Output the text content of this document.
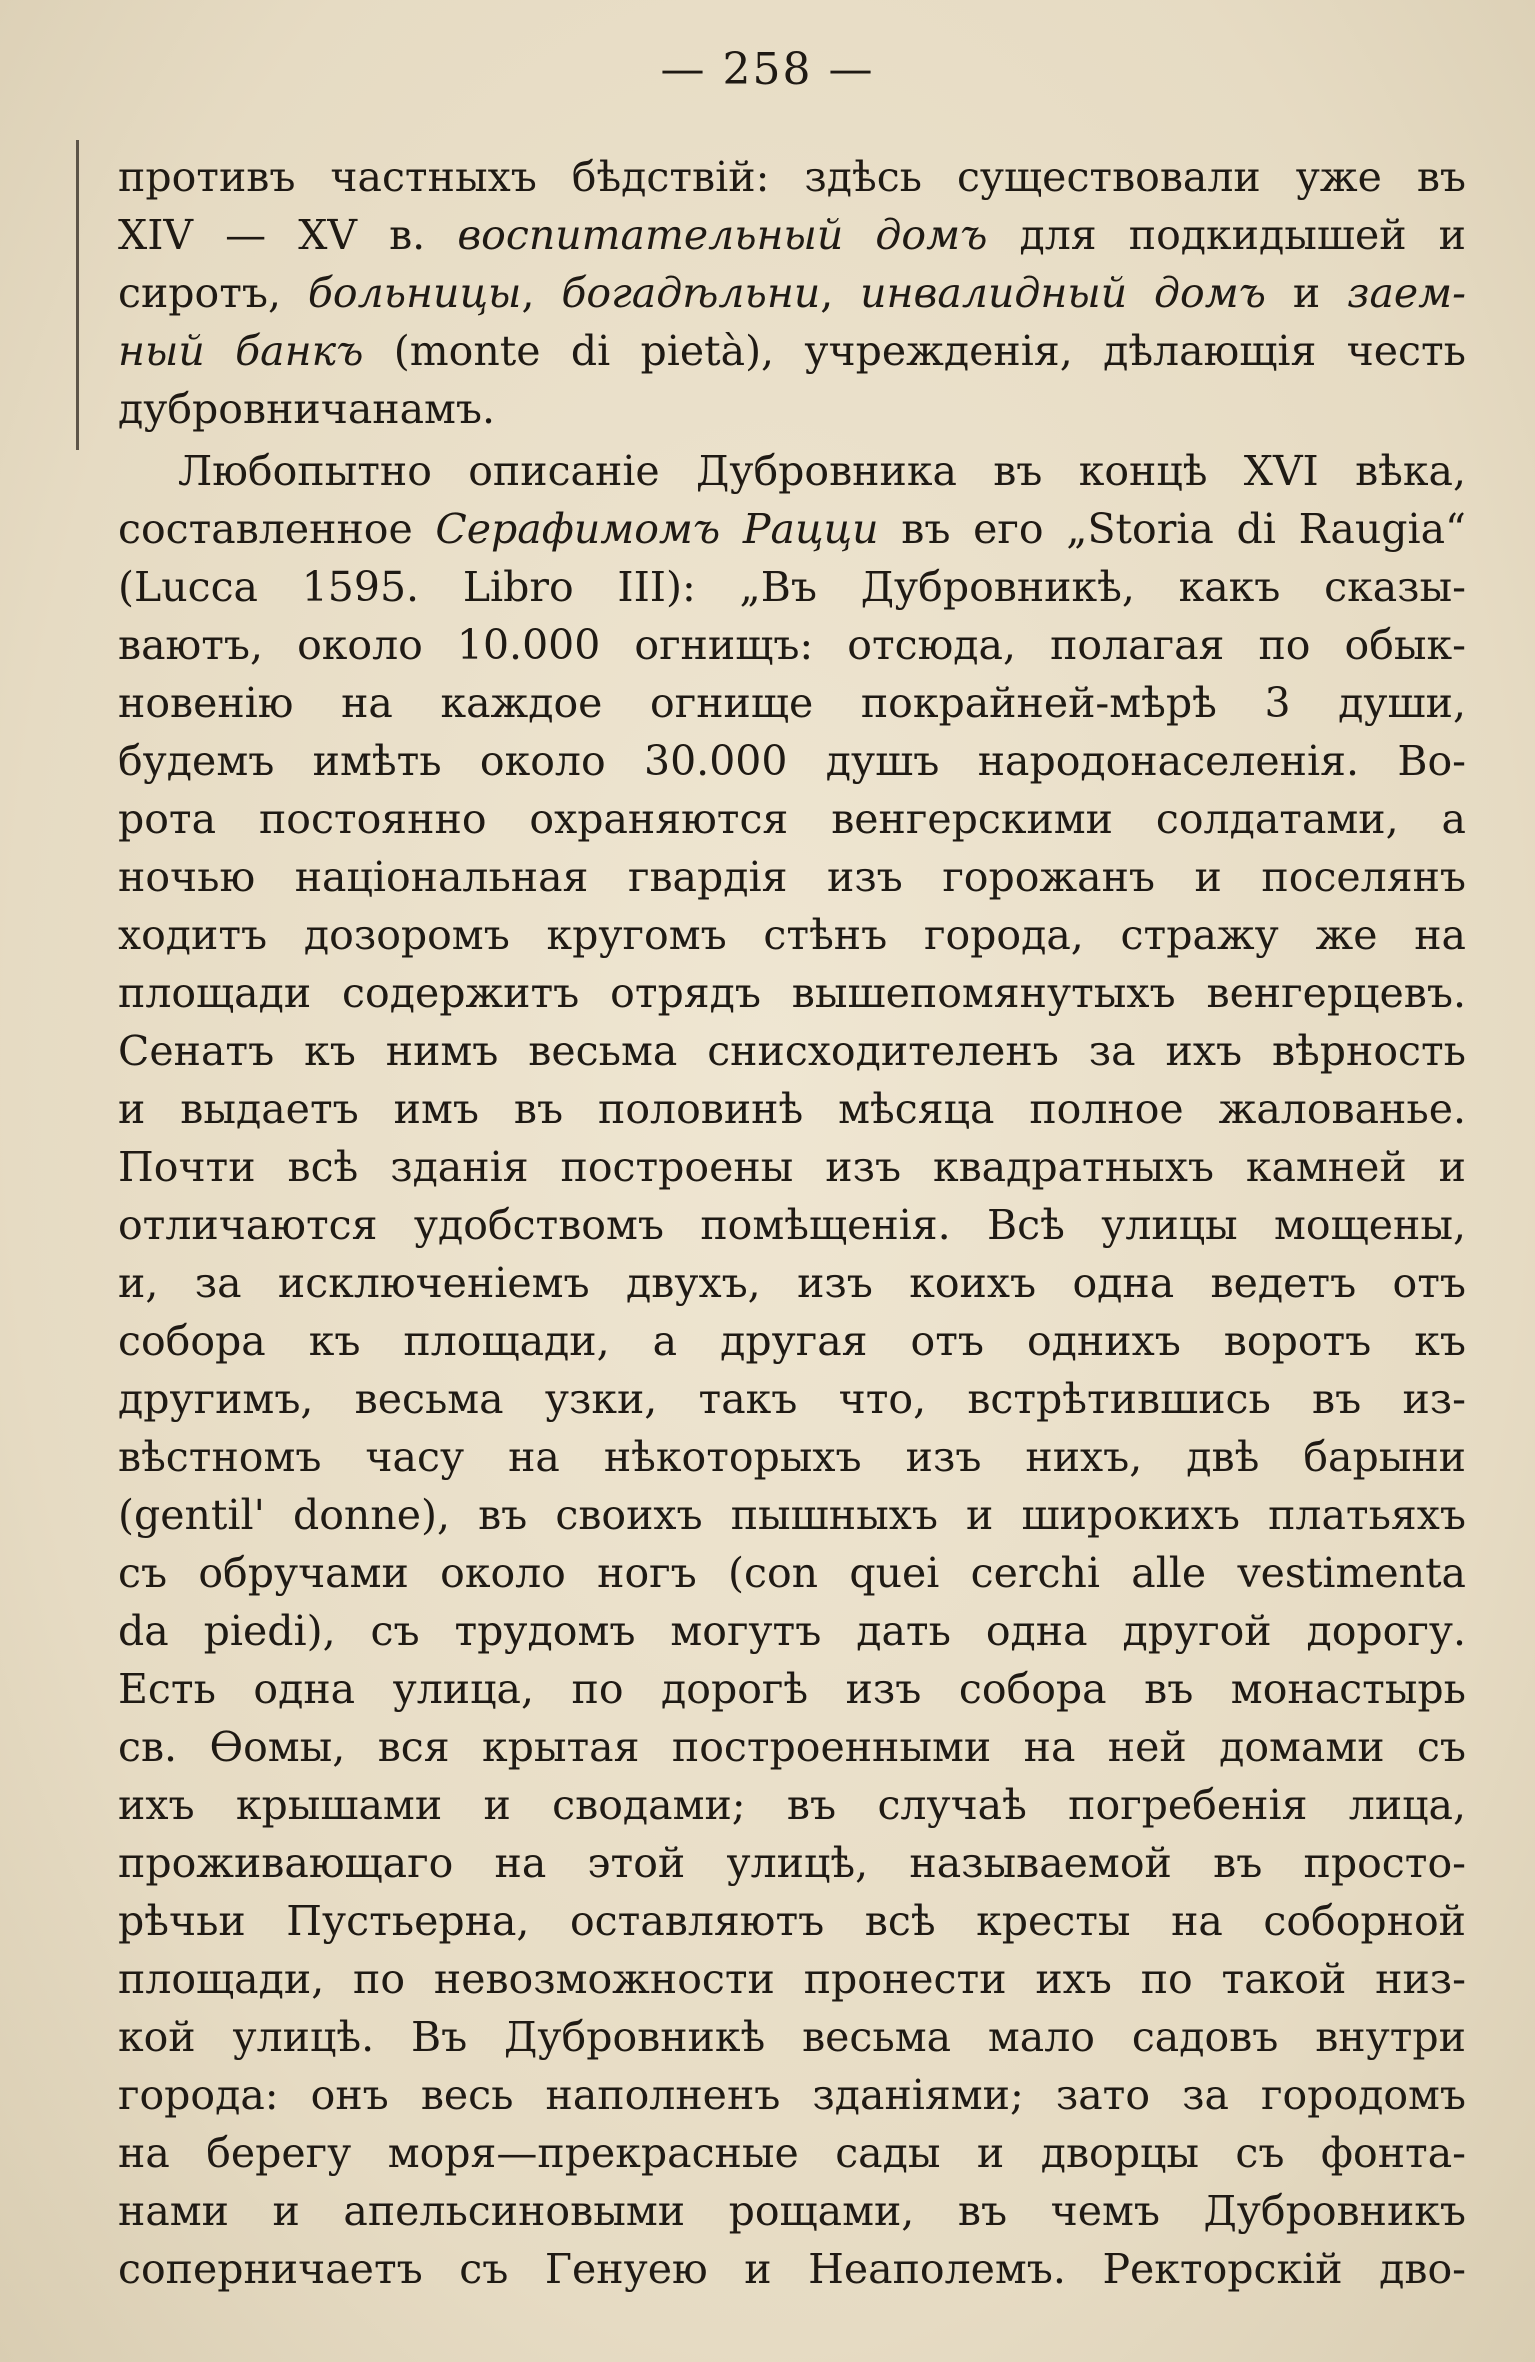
— 258 —
противъ частныхъ бѣдствій: здѣсь существовали уже въ
XIV — XV в. воспитательный домъ для подкидышей и
сиротъ, больницы, богадѣльни, инвалидный домъ и заем-
ный банкъ (monte di pietà), учрежденія, дѣлающія честь
дубровничанамъ.
Любопытно описаніе Дубровника въ концѣ XVI вѣка,
составленное Серафимомъ Рацци въ его „Storia di Raugia“
(Lucca 1595. Libro III): „Въ Дубровникѣ, какъ сказы-
ваютъ, около 10.000 огнищъ: отсюда, полагая по обык-
новенію на каждое огнище покрайней-мѣрѣ 3 души,
будемъ имѣть около 30.000 душъ народонаселенія. Во-
рота постоянно охраняются венгерскими солдатами, а
ночью національная гвардія изъ горожанъ и поселянъ
ходитъ дозоромъ кругомъ стѣнъ города, стражу же на
площади содержитъ отрядъ вышепомянутыхъ венгерцевъ.
Сенатъ къ нимъ весьма снисходителенъ за ихъ вѣрность
и выдаетъ имъ въ половинѣ мѣсяца полное жалованье.
Почти всѣ зданія построены изъ квадратныхъ камней и
отличаются удобствомъ помѣщенія. Всѣ улицы мощены,
и, за исключеніемъ двухъ, изъ коихъ одна ведетъ отъ
собора къ площади, а другая отъ однихъ воротъ къ
другимъ, весьма узки, такъ что, встрѣтившись въ из-
вѣстномъ часу на нѣкоторыхъ изъ нихъ, двѣ барыни
(gentil' donne), въ своихъ пышныхъ и широкихъ платьяхъ
съ обручами около ногъ (con quei cerchi alle vestimenta
da piedi), съ трудомъ могутъ дать одна другой дорогу.
Есть одна улица, по дорогѣ изъ собора въ монастырь
св. Ѳомы, вся крытая построенными на ней домами съ
ихъ крышами и сводами; въ случаѣ погребенія лица,
проживающаго на этой улицѣ, называемой въ просто-
рѣчьи Пустьерна, оставляютъ всѣ кресты на соборной
площади, по невозможности пронести ихъ по такой низ-
кой улицѣ. Въ Дубровникѣ весьма мало садовъ внутри
города: онъ весь наполненъ зданіями; зато за городомъ
на берегу моря—прекрасные сады и дворцы съ фонта-
нами и апельсиновыми рощами, въ чемъ Дубровникъ
соперничаетъ съ Генуею и Неаполемъ. Ректорскій дво-
